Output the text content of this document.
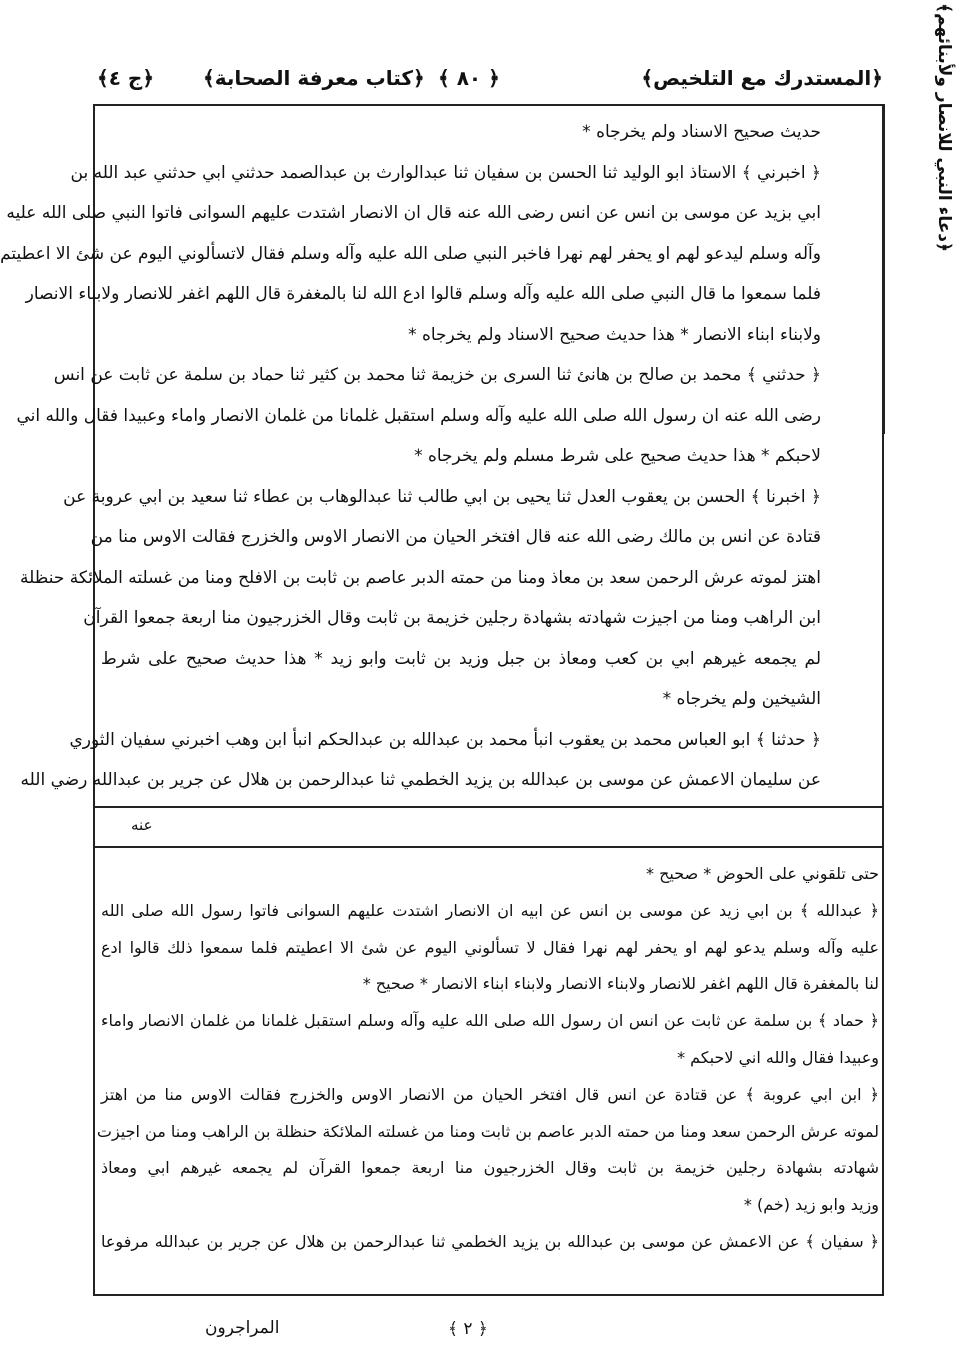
﴿المستدرك مع التلخيص﴾
﴿ ٨٠ ﴾
﴿كتاب معرفة الصحابة﴾
﴿ج ٤﴾	﴿دعاء النبي للانصار ولأبنائهم﴾
حديث صحيح الاسناد ولم يخرجاه *
﴿ اخبرني ﴾ الاستاذ ابو الوليد ثنا الحسن بن سفيان ثنا عبدالوارث بن عبدالصمد حدثني ابي حدثني عبد الله بن
ابي بزيد عن موسى بن انس عن انس رضى الله عنه قال ان الانصار اشتدت عليهم السوانى فاتوا النبي صلى الله عليه
وآله وسلم ليدعو لهم او يحفر لهم نهرا فاخبر النبي صلى الله عليه وآله وسلم فقال لاتسألوني اليوم عن شئ الا اعطيتم
فلما سمعوا ما قال النبي صلى الله عليه وآله وسلم قالوا ادع الله لنا بالمغفرة قال اللهم اغفر للانصار ولابناء الانصار
ولابناء ابناء الانصار * هذا حديث صحيح الاسناد ولم يخرجاه *
﴿ حدثني ﴾ محمد بن صالح بن هانئ ثنا السرى بن خزيمة ثنا محمد بن كثير ثنا حماد بن سلمة عن ثابت عن انس
رضى الله عنه ان رسول الله صلى الله عليه وآله وسلم استقبل غلمانا من غلمان الانصار واماء وعبيدا فقال والله اني
لاحبكم * هذا حديث صحيح على شرط مسلم ولم يخرجاه *
﴿ اخبرنا ﴾ الحسن بن يعقوب العدل ثنا يحيى بن ابي طالب ثنا عبدالوهاب بن عطاء ثنا سعيد بن ابي عروبة عن
قتادة عن انس بن مالك رضى الله عنه قال افتخر الحيان من الانصار الاوس والخزرج فقالت الاوس منا من
اهتز لموته عرش الرحمن سعد بن معاذ ومنا من حمته الدبر عاصم بن ثابت بن الافلح ومنا من غسلته الملائكة حنظلة
ابن الراهب ومنا من اجيزت شهادته بشهادة رجلين خزيمة بن ثابت وقال الخزرجيون منا اربعة جمعوا القرآن
لم يجمعه غيرهم ابي بن كعب ومعاذ بن جبل وزيد بن ثابت وابو زيد * هذا حديث صحيح على شرط
الشيخين ولم يخرجاه *
﴿ حدثنا ﴾ ابو العباس محمد بن يعقوب انبأ محمد بن عبدالله بن عبدالحكم انبأ ابن وهب اخبرني سفيان الثوري
عن سليمان الاعمش عن موسى بن عبدالله بن يزيد الخطمي ثنا عبدالرحمن بن هلال عن جرير بن عبدالله رضي الله
عنه
حتى تلقوني على الحوض * صحيح *
﴿ عبدالله ﴾ بن ابي زيد عن موسى بن انس عن ابيه ان الانصار اشتدت عليهم السوانى فاتوا رسول الله صلى الله
عليه وآله وسلم يدعو لهم او يحفر لهم نهرا فقال لا تسألوني اليوم عن شئ الا اعطيتم فلما سمعوا ذلك قالوا ادع
لنا بالمغفرة قال اللهم اغفر للانصار ولابناء الانصار ولابناء ابناء الانصار * صحيح *
﴿ حماد ﴾ بن سلمة عن ثابت عن انس ان رسول الله صلى الله عليه وآله وسلم استقبل غلمانا من غلمان الانصار واماء
وعبيدا فقال والله اني لاحبكم *
﴿ ابن ابي عروبة ﴾ عن قتادة عن انس قال افتخر الحيان من الانصار الاوس والخزرج فقالت الاوس منا من اهتز
لموته عرش الرحمن سعد ومنا من حمته الدبر عاصم بن ثابت ومنا من غسلته الملائكة حنظلة بن الراهب ومنا من اجيزت
شهادته بشهادة رجلين خزيمة بن ثابت وقال الخزرجيون منا اربعة جمعوا القرآن لم يجمعه غيرهم ابي ومعاذ
وزيد وابو زيد (خم) *
﴿ سفيان ﴾ عن الاعمش عن موسى بن عبدالله بن يزيد الخطمي ثنا عبدالرحمن بن هلال عن جرير بن عبدالله مرفوعا
﴿ ٢ ﴾
المراجرون
